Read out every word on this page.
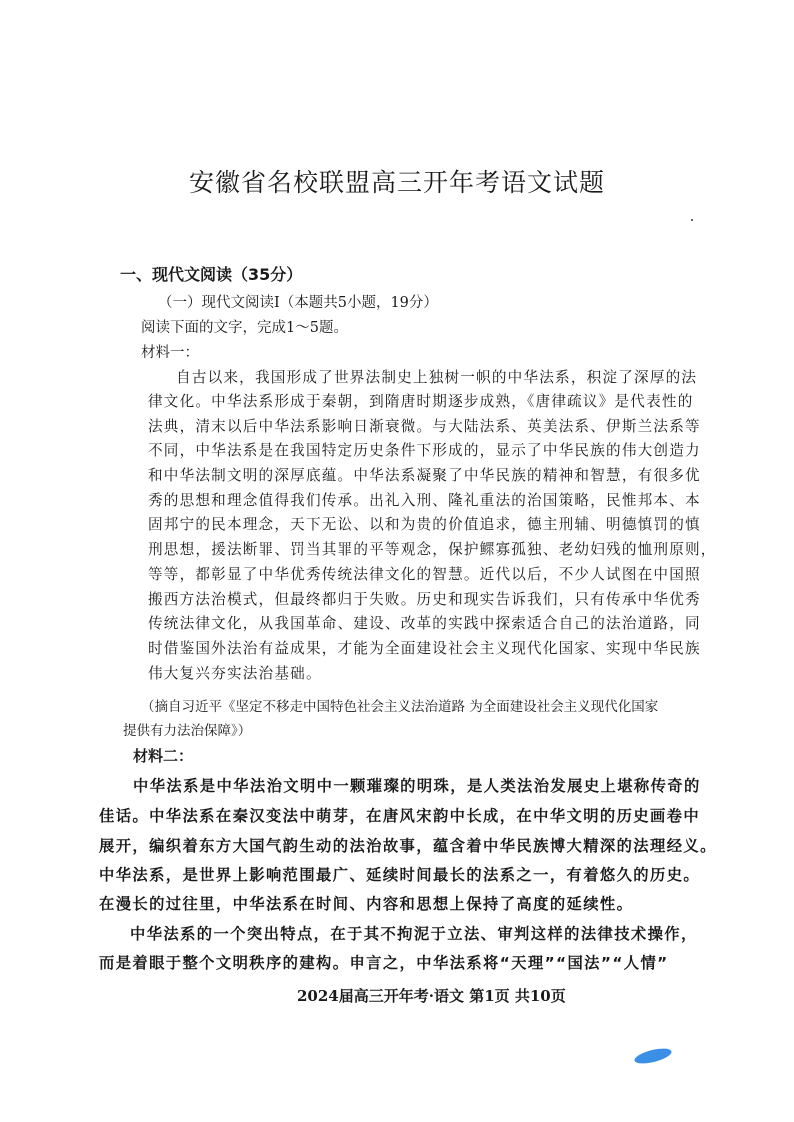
安徽省名校联盟高三开年考语文试题
一、现代文阅读（35分）
（一）现代文阅读Ⅰ（本题共5小题，19分）
阅读下面的文字，完成1～5题。
材料一：
自古以来，我国形成了世界法制史上独树一帜的中华法系，积淀了深厚的法
律文化。中华法系形成于秦朝，到隋唐时期逐步成熟，《唐律疏议》是代表性的
法典，清末以后中华法系影响日渐衰微。与大陆法系、英美法系、伊斯兰法系等
不同，中华法系是在我国特定历史条件下形成的，显示了中华民族的伟大创造力
和中华法制文明的深厚底蕴。中华法系凝聚了中华民族的精神和智慧，有很多优
秀的思想和理念值得我们传承。出礼入刑、隆礼重法的治国策略，民惟邦本、本
固邦宁的民本理念，天下无讼、以和为贵的价值追求，德主刑辅、明德慎罚的慎
刑思想，援法断罪、罚当其罪的平等观念，保护鳏寡孤独、老幼妇残的恤刑原则，
等等，都彰显了中华优秀传统法律文化的智慧。近代以后，不少人试图在中国照
搬西方法治模式，但最终都归于失败。历史和现实告诉我们，只有传承中华优秀
传统法律文化，从我国革命、建设、改革的实践中探索适合自己的法治道路，同
时借鉴国外法治有益成果，才能为全面建设社会主义现代化国家、实现中华民族
伟大复兴夯实法治基础。
（摘自习近平《坚定不移走中国特色社会主义法治道路 为全面建设社会主义现代化国家
提供有力法治保障》）
材料二：
中华法系是中华法治文明中一颗璀璨的明珠，是人类法治发展史上堪称传奇的
佳话。中华法系在秦汉变法中萌芽，在唐风宋韵中长成，在中华文明的历史画卷中
展开，编织着东方大国气韵生动的法治故事，蕴含着中华民族博大精深的法理经义。
中华法系，是世界上影响范围最广、延续时间最长的法系之一，有着悠久的历史。
在漫长的过往里，中华法系在时间、内容和思想上保持了高度的延续性。
中华法系的一个突出特点，在于其不拘泥于立法、审判这样的法律技术操作，
而是着眼于整个文明秩序的建构。申言之，中华法系将“天理”“国法”“人情”
2024届高三开年考·语文 第1页 共10页
